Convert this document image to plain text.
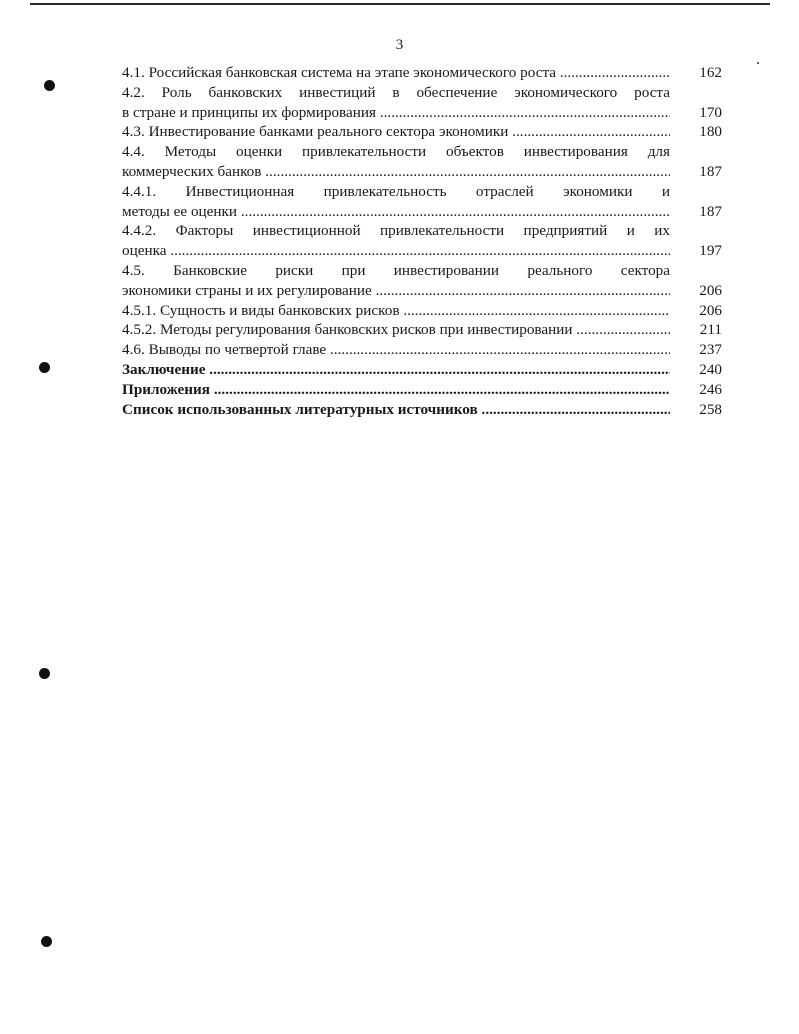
3
4.1. Российская банковская система на этапе экономического роста .....	162
4.2. Роль банковских инвестиций в обеспечение экономического роста
в стране и принципы их формирования .....	170
4.3. Инвестирование банками реального сектора экономики .....	180
4.4. Методы оценки привлекательности объектов инвестирования для
коммерческих банков .....	187
4.4.1. Инвестиционная привлекательность отраслей экономики и
методы ее оценки .....	187
4.4.2. Факторы инвестиционной привлекательности предприятий и их
оценка .....	197
4.5. Банковские риски при инвестировании реального сектора
экономики страны и их регулирование .....	206
4.5.1. Сущность и виды банковских рисков .....	206
4.5.2. Методы регулирования банковских рисков при инвестировании .....	211
4.6. Выводы по четвертой главе .....	237
Заключение .....	240
Приложения .....	246
Список использованных литературных источников .....	258
